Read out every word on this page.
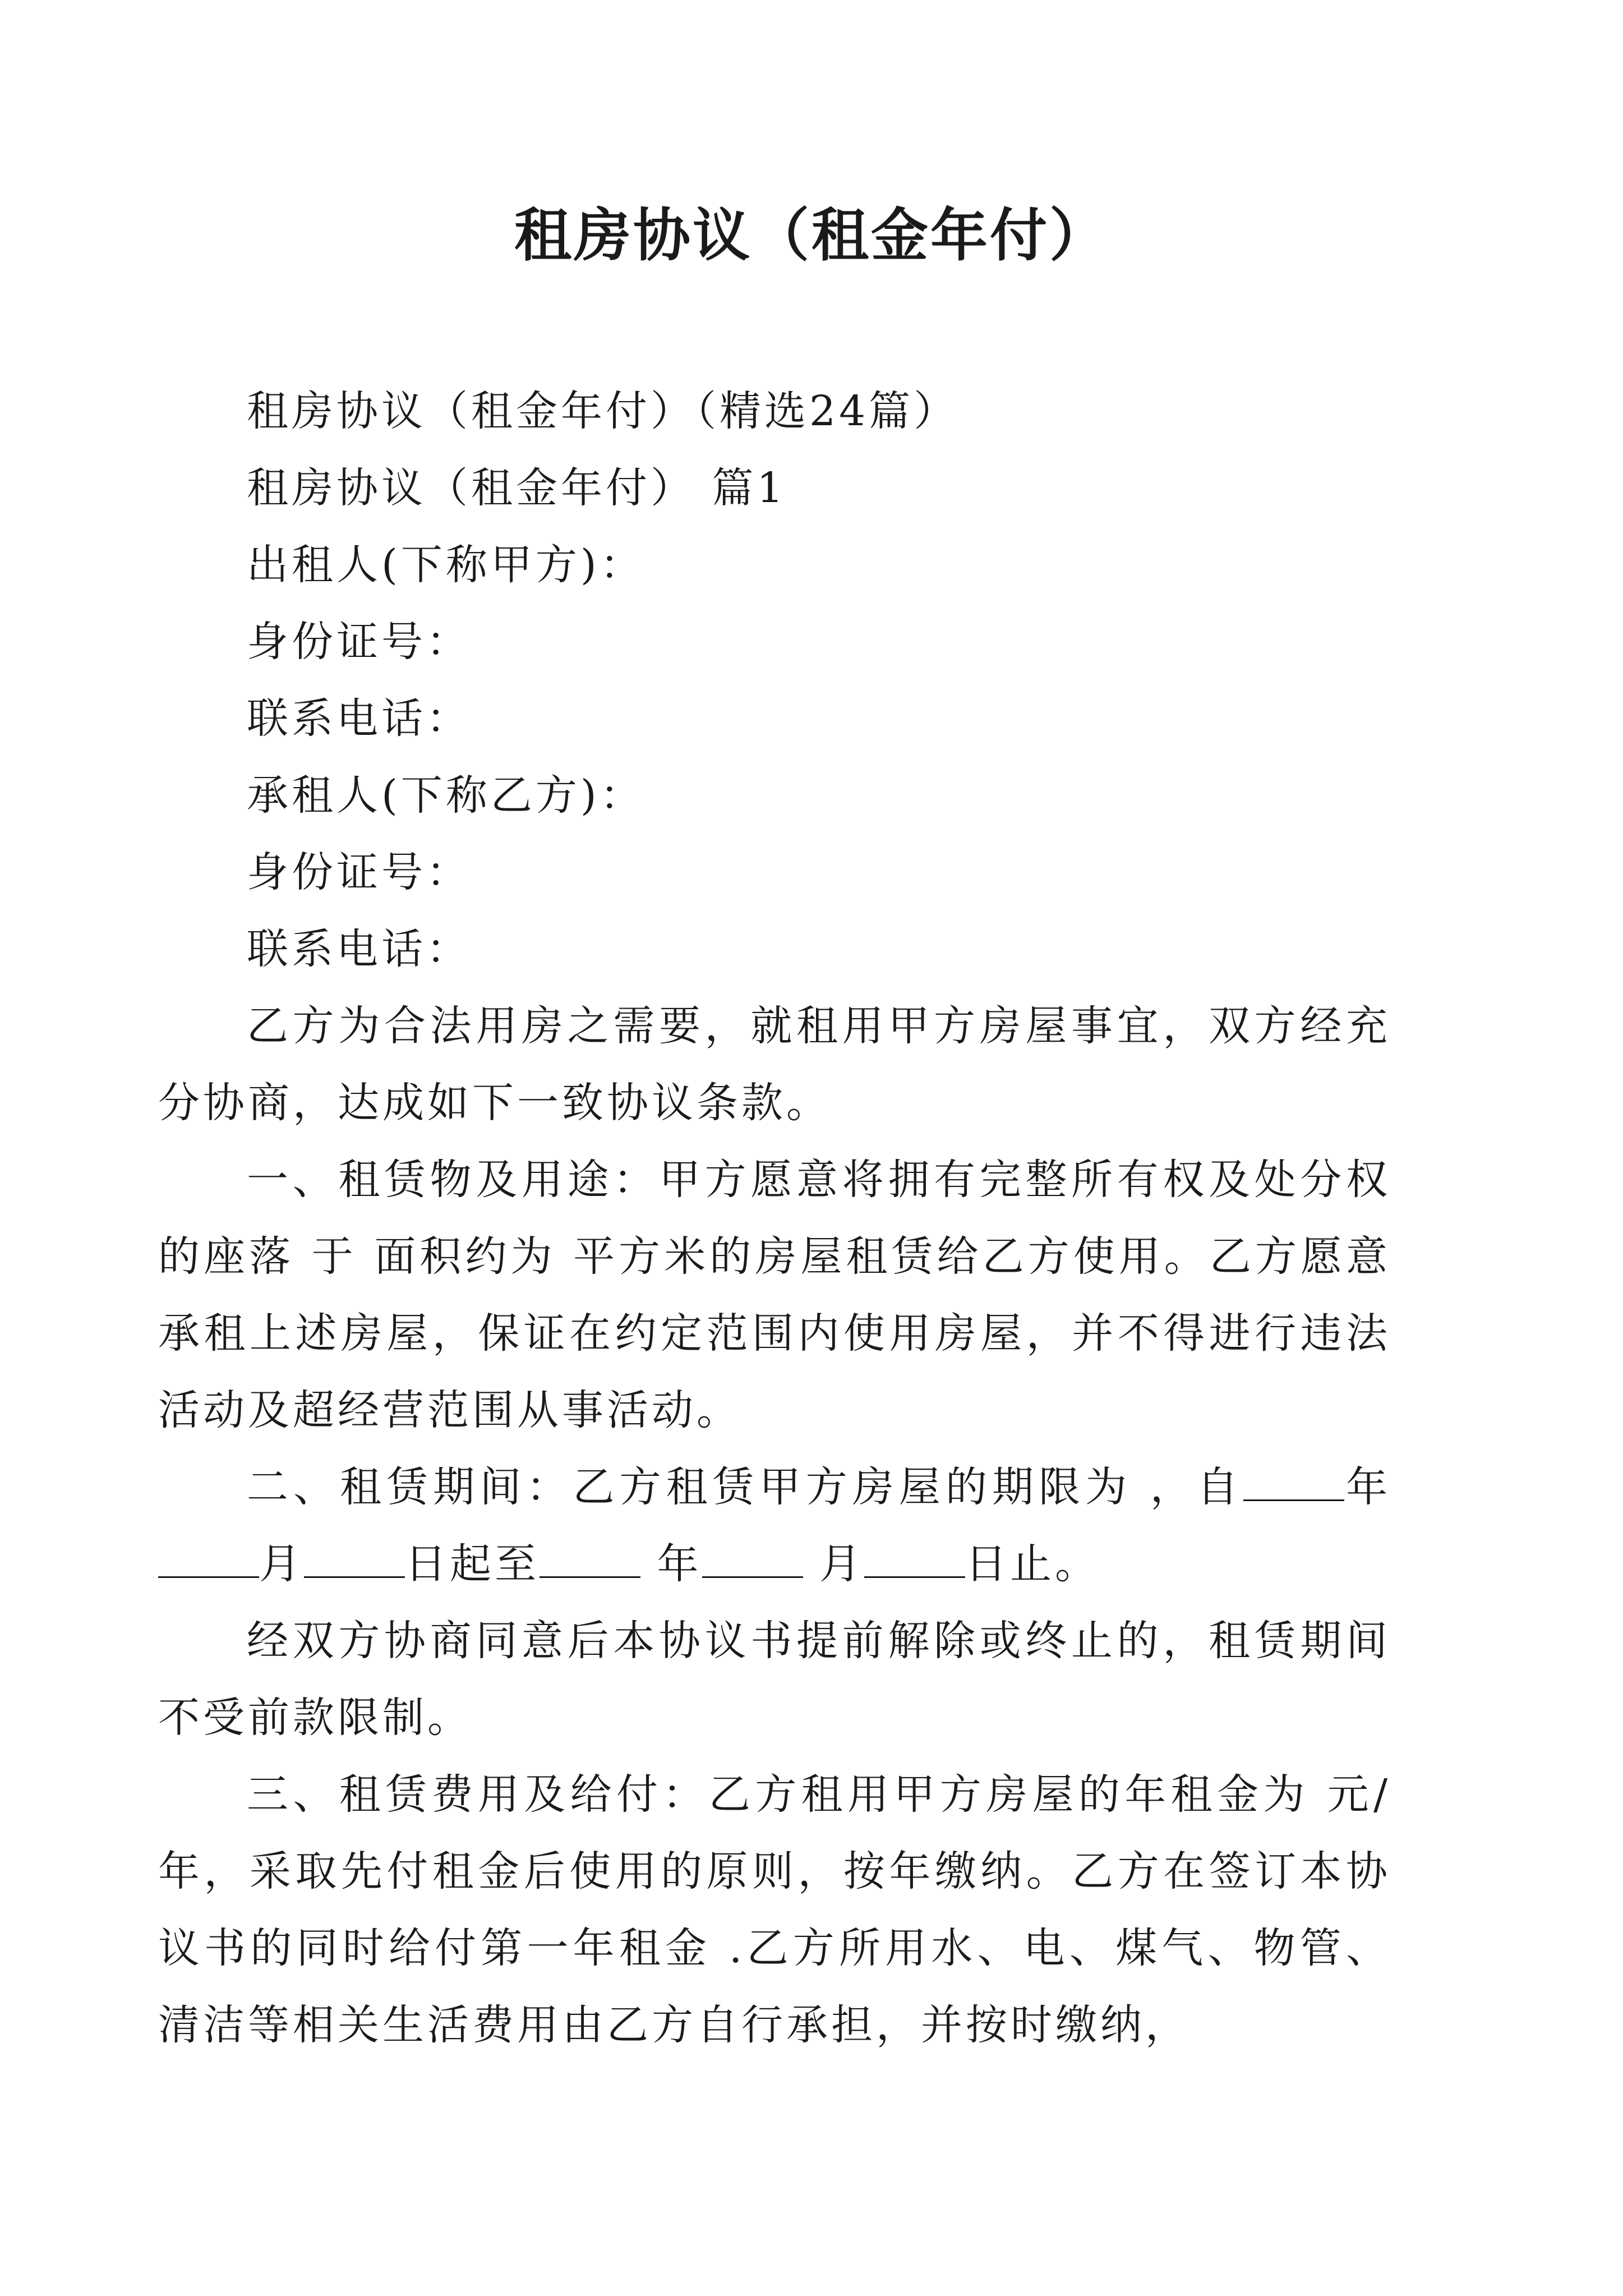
租房协议（租金年付）

租房协议（租金年付）（精选24篇）

租房协议（租金年付） 篇1

出租人(下称甲方)：

身份证号：

联系电话：

承租人(下称乙方)：

身份证号：

联系电话：

乙方为合法用房之需要，就租用甲方房屋事宜，双方经充分协商，达成如下一致协议条款。

一、租赁物及用途：甲方愿意将拥有完整所有权及处分权的座落 于 面积约为 平方米的房屋租赁给乙方使用。乙方愿意承租上述房屋，保证在约定范围内使用房屋，并不得进行违法活动及超经营范围从事活动。

二、租赁期间：乙方租赁甲方房屋的期限为 ，自 年月 日起至	年	月 日止。

经双方协商同意后本协议书提前解除或终止的，租赁期间不受前款限制。

三、租赁费用及给付：乙方租用甲方房屋的年租金为 元/年，采取先付租金后使用的原则，按年缴纳。乙方在签订本协议书的同时给付第一年租金 .乙方所用水、电、煤气、物管、清洁等相关生活费用由乙方自行承担，并按时缴纳，
